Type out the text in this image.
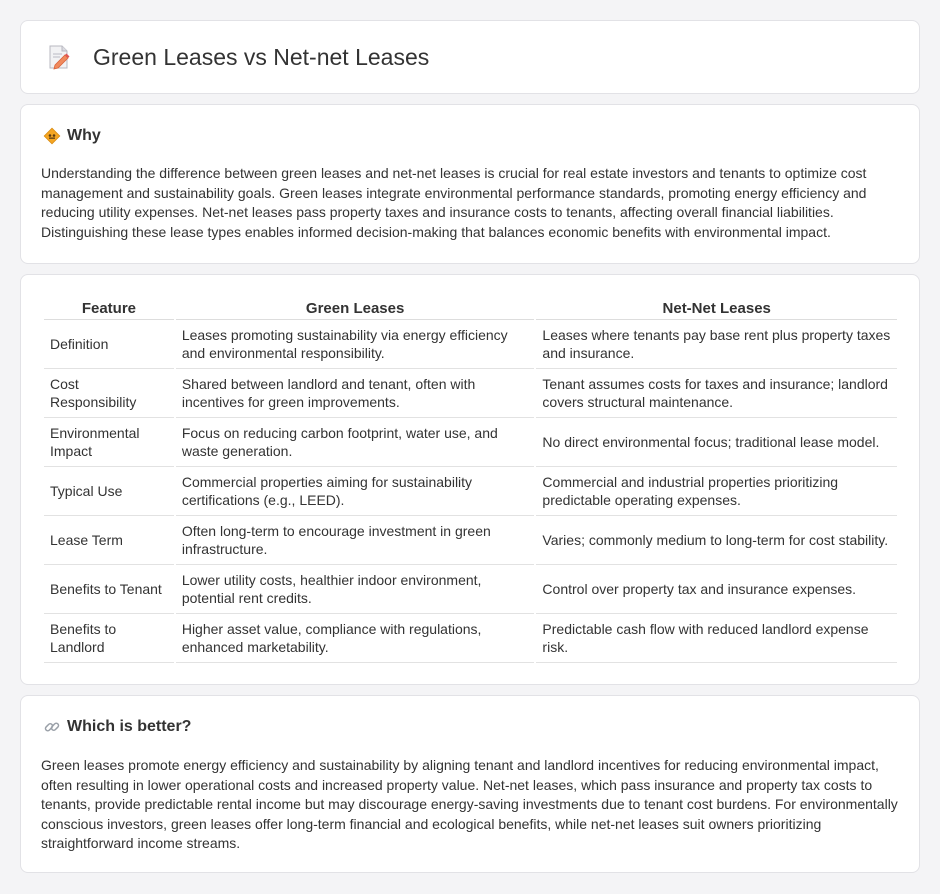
Green Leases vs Net-net Leases
Why

Understanding the difference between green leases and net-net leases is crucial for real estate investors and tenants to optimize cost management and sustainability goals. Green leases integrate environmental performance standards, promoting energy efficiency and reducing utility expenses. Net-net leases pass property taxes and insurance costs to tenants, affecting overall financial liabilities. Distinguishing these lease types enables informed decision-making that balances economic benefits with environmental impact.

Feature	Green Leases	Net-Net Leases
Definition	Leases promoting sustainability via energy efficiency and environmental responsibility.	Leases where tenants pay base rent plus property taxes and insurance.
Cost Responsibility	Shared between landlord and tenant, often with incentives for green improvements.	Tenant assumes costs for taxes and insurance; landlord covers structural maintenance.
Environmental Impact	Focus on reducing carbon footprint, water use, and waste generation.	No direct environmental focus; traditional lease model.
Typical Use	Commercial properties aiming for sustainability certifications (e.g., LEED).	Commercial and industrial properties prioritizing predictable operating expenses.
Lease Term	Often long-term to encourage investment in green infrastructure.	Varies; commonly medium to long-term for cost stability.
Benefits to Tenant	Lower utility costs, healthier indoor environment, potential rent credits.	Control over property tax and insurance expenses.
Benefits to Landlord	Higher asset value, compliance with regulations, enhanced marketability.	Predictable cash flow with reduced landlord expense risk.
Which is better?

Green leases promote energy efficiency and sustainability by aligning tenant and landlord incentives for reducing environmental impact, often resulting in lower operational costs and increased property value. Net-net leases, which pass insurance and property tax costs to tenants, provide predictable rental income but may discourage energy-saving investments due to tenant cost burdens. For environmentally conscious investors, green leases offer long-term financial and ecological benefits, while net-net leases suit owners prioritizing straightforward income streams.
